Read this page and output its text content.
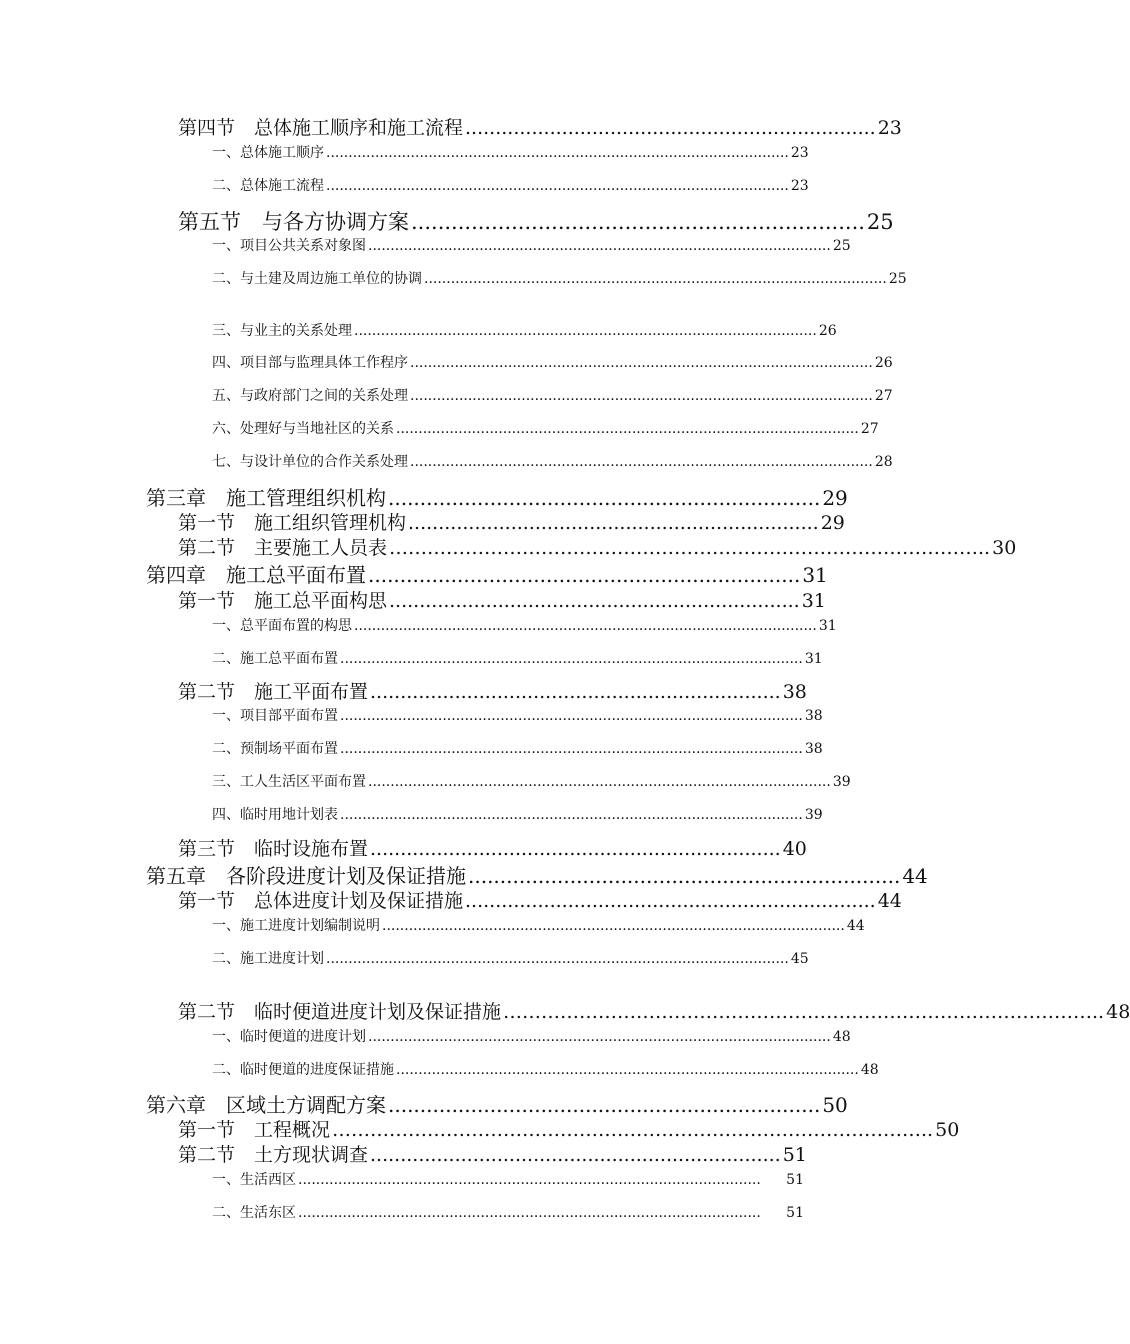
第四节　总体施工顺序和施工流程 .................................................................... 23
一、总体施工顺序 ........................................................................................................ 23
二、总体施工流程 ........................................................................................................ 23
第五节　与各方协调方案 .................................................................... 25
一、项目公共关系对象图 ........................................................................................................ 25
二、与土建及周边施工单位的协调 ........................................................................................................ 25
三、与业主的关系处理 ........................................................................................................ 26
四、项目部与监理具体工作程序 ........................................................................................................ 26
五、与政府部门之间的关系处理 ........................................................................................................ 27
六、处理好与当地社区的关系 ........................................................................................................ 27
七、与设计单位的合作关系处理 ........................................................................................................ 28
第三章　施工管理组织机构 .................................................................... 29
第一节　施工组织管理机构 .................................................................... 29
第二节　主要施工人员表 ………………………………………………………………………………….. 30
第四章　施工总平面布置 .................................................................... 31
第一节　施工总平面构思 .................................................................... 31
一、总平面布置的构思 ........................................................................................................ 31
二、施工总平面布置 ........................................................................................................ 31
第二节　施工平面布置 .................................................................... 38
一、项目部平面布置 ........................................................................................................ 38
二、预制场平面布置 ........................................................................................................ 38
三、工人生活区平面布置 ........................................................................................................ 39
四、临时用地计划表 ........................................................................................................ 39
第三节　临时设施布置 .................................................................... 40
第五章　各阶段进度计划及保证措施 .................................................................... 44
第一节　总体进度计划及保证措施 .................................................................... 44
一、施工进度计划编制说明 ........................................................................................................ 44
二、施工进度计划 ........................................................................................................ 45
第二节　临时便道进度计划及保证措施 ………………………………………………………………………………….. 48
一、临时便道的进度计划 ........................................................................................................ 48
二、临时便道的进度保证措施 ........................................................................................................ 48
第六章　区域土方调配方案 .................................................................... 50
第一节　工程概况 ………………………………………………………………………………….. 50
第二节　土方现状调查 .................................................................... 51
一、生活西区 ........................................................................................................	51
二、生活东区 ........................................................................................................	51
